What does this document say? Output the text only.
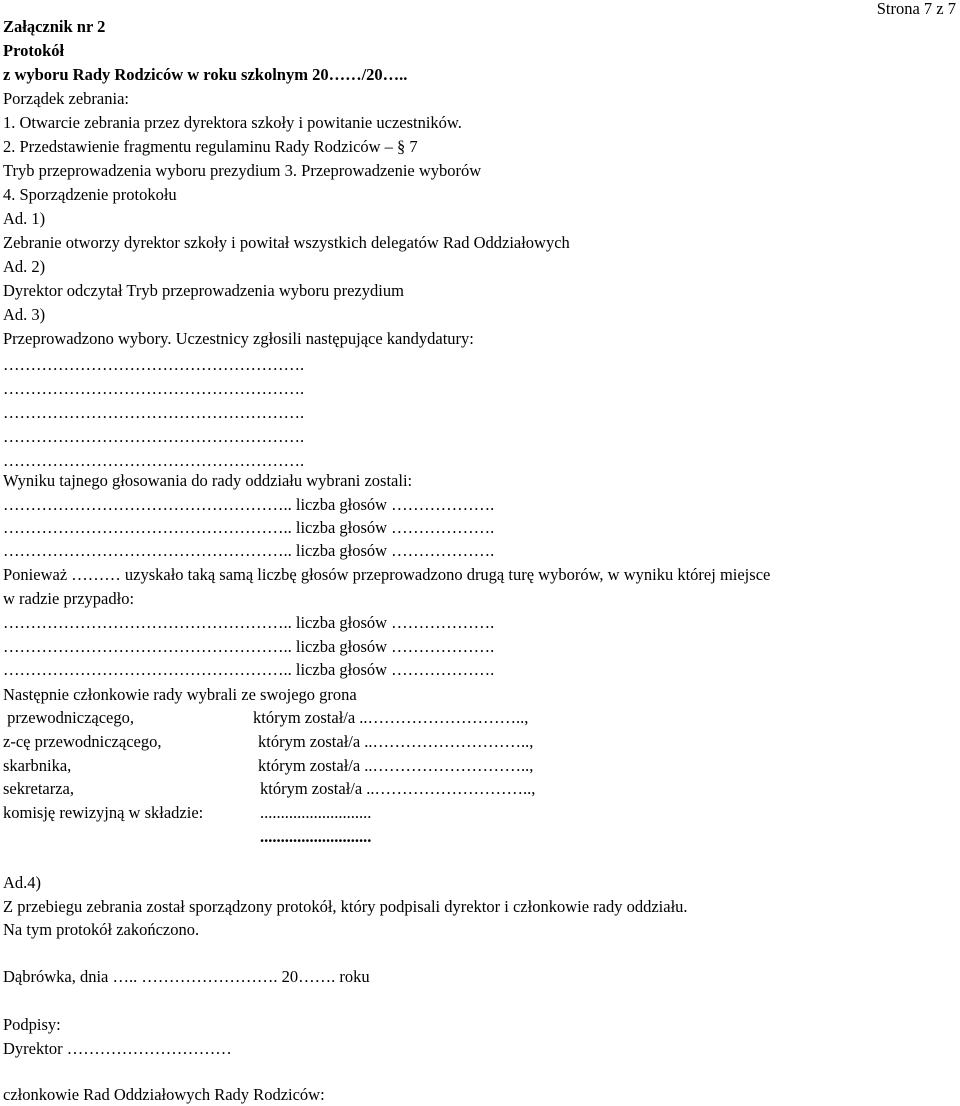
Strona 7 z 7
Załącznik nr 2
Protokół
z wyboru Rady Rodziców w roku szkolnym 20……/20…..
Porządek zebrania:
1. Otwarcie zebrania przez dyrektora szkoły i powitanie uczestników.
2. Przedstawienie fragmentu regulaminu Rady Rodziców – § 7
Tryb przeprowadzenia wyboru prezydium 3. Przeprowadzenie wyborów
4. Sporządzenie protokołu
Ad. 1)
Zebranie otworzy dyrektor szkoły i powitał wszystkich delegatów Rad Oddziałowych
Ad. 2)
Dyrektor odczytał Tryb przeprowadzenia wyboru prezydium
Ad. 3)
Przeprowadzono wybory. Uczestnicy zgłosili następujące kandydatury:
……………………………………………….
……………………………………………….
……………………………………………….
……………………………………………….
……………………………………………….
Wyniku tajnego głosowania do rady oddziału wybrani zostali:
…………………………………………….. liczba głosów ……………….
…………………………………………….. liczba głosów ……………….
…………………………………………….. liczba głosów ……………….
Ponieważ ……… uzyskało taką samą liczbę głosów przeprowadzono drugą turę wyborów, w wyniku której miejsce
w radzie przypadło:
…………………………………………….. liczba głosów ……………….
…………………………………………….. liczba głosów ……………….
…………………………………………….. liczba głosów ……………….
Następnie członkowie rady wybrali ze swojego grona
przewodniczącego,	którym został/a ..………………………..,
z-cę przewodniczącego,	którym został/a ..………………………..,
skarbnika,	którym został/a ..………………………..,
sekretarza,	którym został/a ..………………………..,
komisję rewizyjną w składzie:	...........................
...........................
Ad.4)
Z przebiegu zebrania został sporządzony protokół, który podpisali dyrektor i członkowie rady oddziału.
Na tym protokół zakończono.
Dąbrówka, dnia ….. ……………………. 20……. roku
Podpisy:
Dyrektor …………………………
członkowie Rad Oddziałowych Rady Rodziców:
